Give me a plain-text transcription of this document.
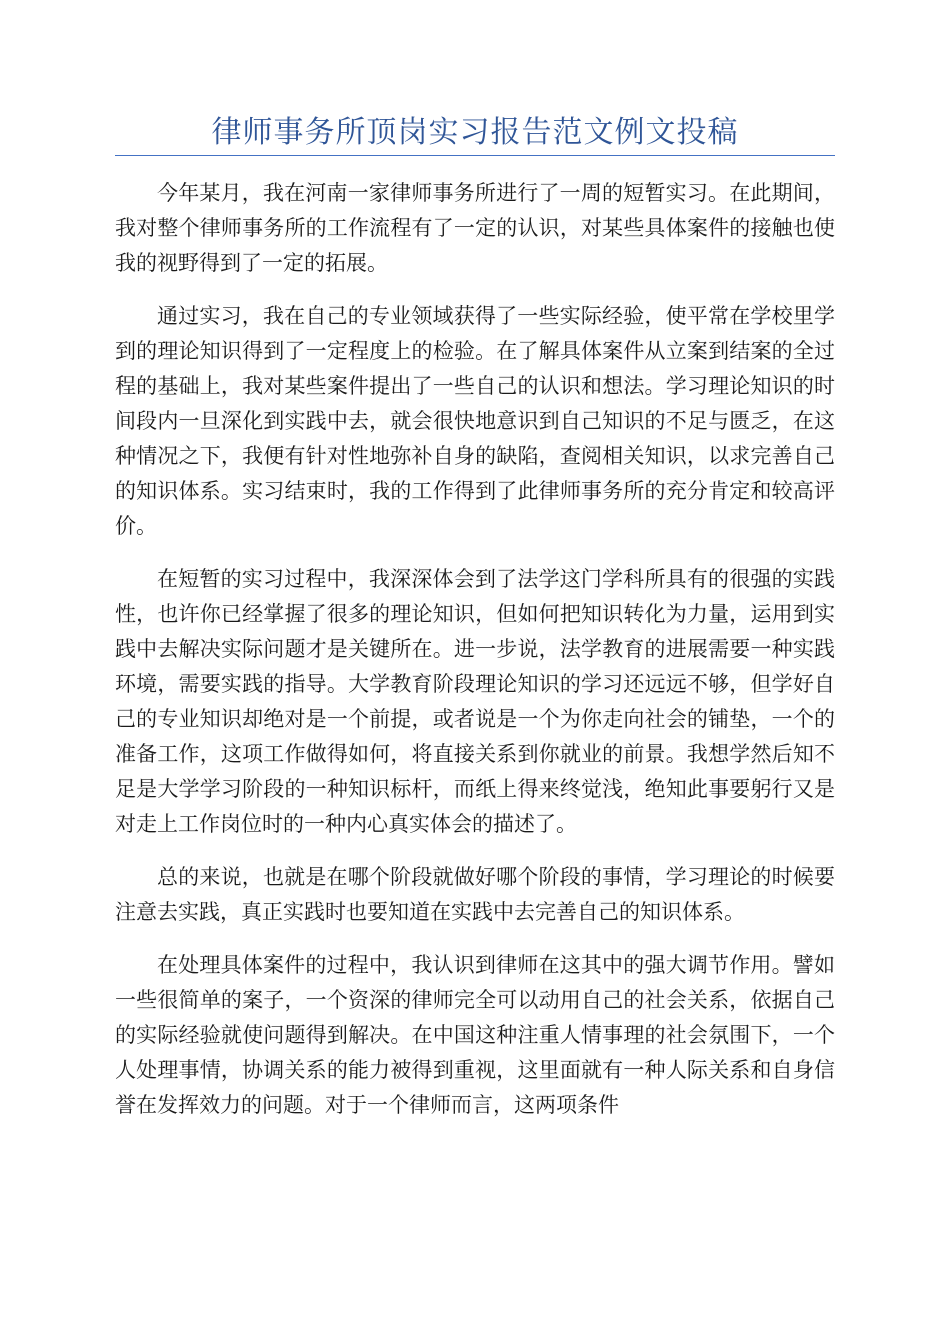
律师事务所顶岗实习报告范文例文投稿

今年某月，我在河南一家律师事务所进行了一周的短暂实习。在此期间，我对整个律师事务所的工作流程有了一定的认识，对某些具体案件的接触也使我的视野得到了一定的拓展。

通过实习，我在自己的专业领域获得了一些实际经验，使平常在学校里学到的理论知识得到了一定程度上的检验。在了解具体案件从立案到结案的全过程的基础上，我对某些案件提出了一些自己的认识和想法。学习理论知识的时间段内一旦深化到实践中去，就会很快地意识到自己知识的不足与匮乏，在这种情况之下，我便有针对性地弥补自身的缺陷，查阅相关知识，以求完善自己的知识体系。实习结束时，我的工作得到了此律师事务所的充分肯定和较高评价。

在短暂的实习过程中，我深深体会到了法学这门学科所具有的很强的实践性，也许你已经掌握了很多的理论知识，但如何把知识转化为力量，运用到实践中去解决实际问题才是关键所在。进一步说，法学教育的进展需要一种实践环境，需要实践的指导。大学教育阶段理论知识的学习还远远不够，但学好自己的专业知识却绝对是一个前提，或者说是一个为你走向社会的铺垫，一个的准备工作，这项工作做得如何，将直接关系到你就业的前景。我想学然后知不足是大学学习阶段的一种知识标杆，而纸上得来终觉浅，绝知此事要躬行又是对走上工作岗位时的一种内心真实体会的描述了。

总的来说，也就是在哪个阶段就做好哪个阶段的事情，学习理论的时候要注意去实践，真正实践时也要知道在实践中去完善自己的知识体系。

在处理具体案件的过程中，我认识到律师在这其中的强大调节作用。譬如一些很简单的案子，一个资深的律师完全可以动用自己的社会关系，依据自己的实际经验就使问题得到解决。在中国这种注重人情事理的社会氛围下，一个人处理事情，协调关系的能力被得到重视，这里面就有一种人际关系和自身信誉在发挥效力的问题。对于一个律师而言，这两项条件
